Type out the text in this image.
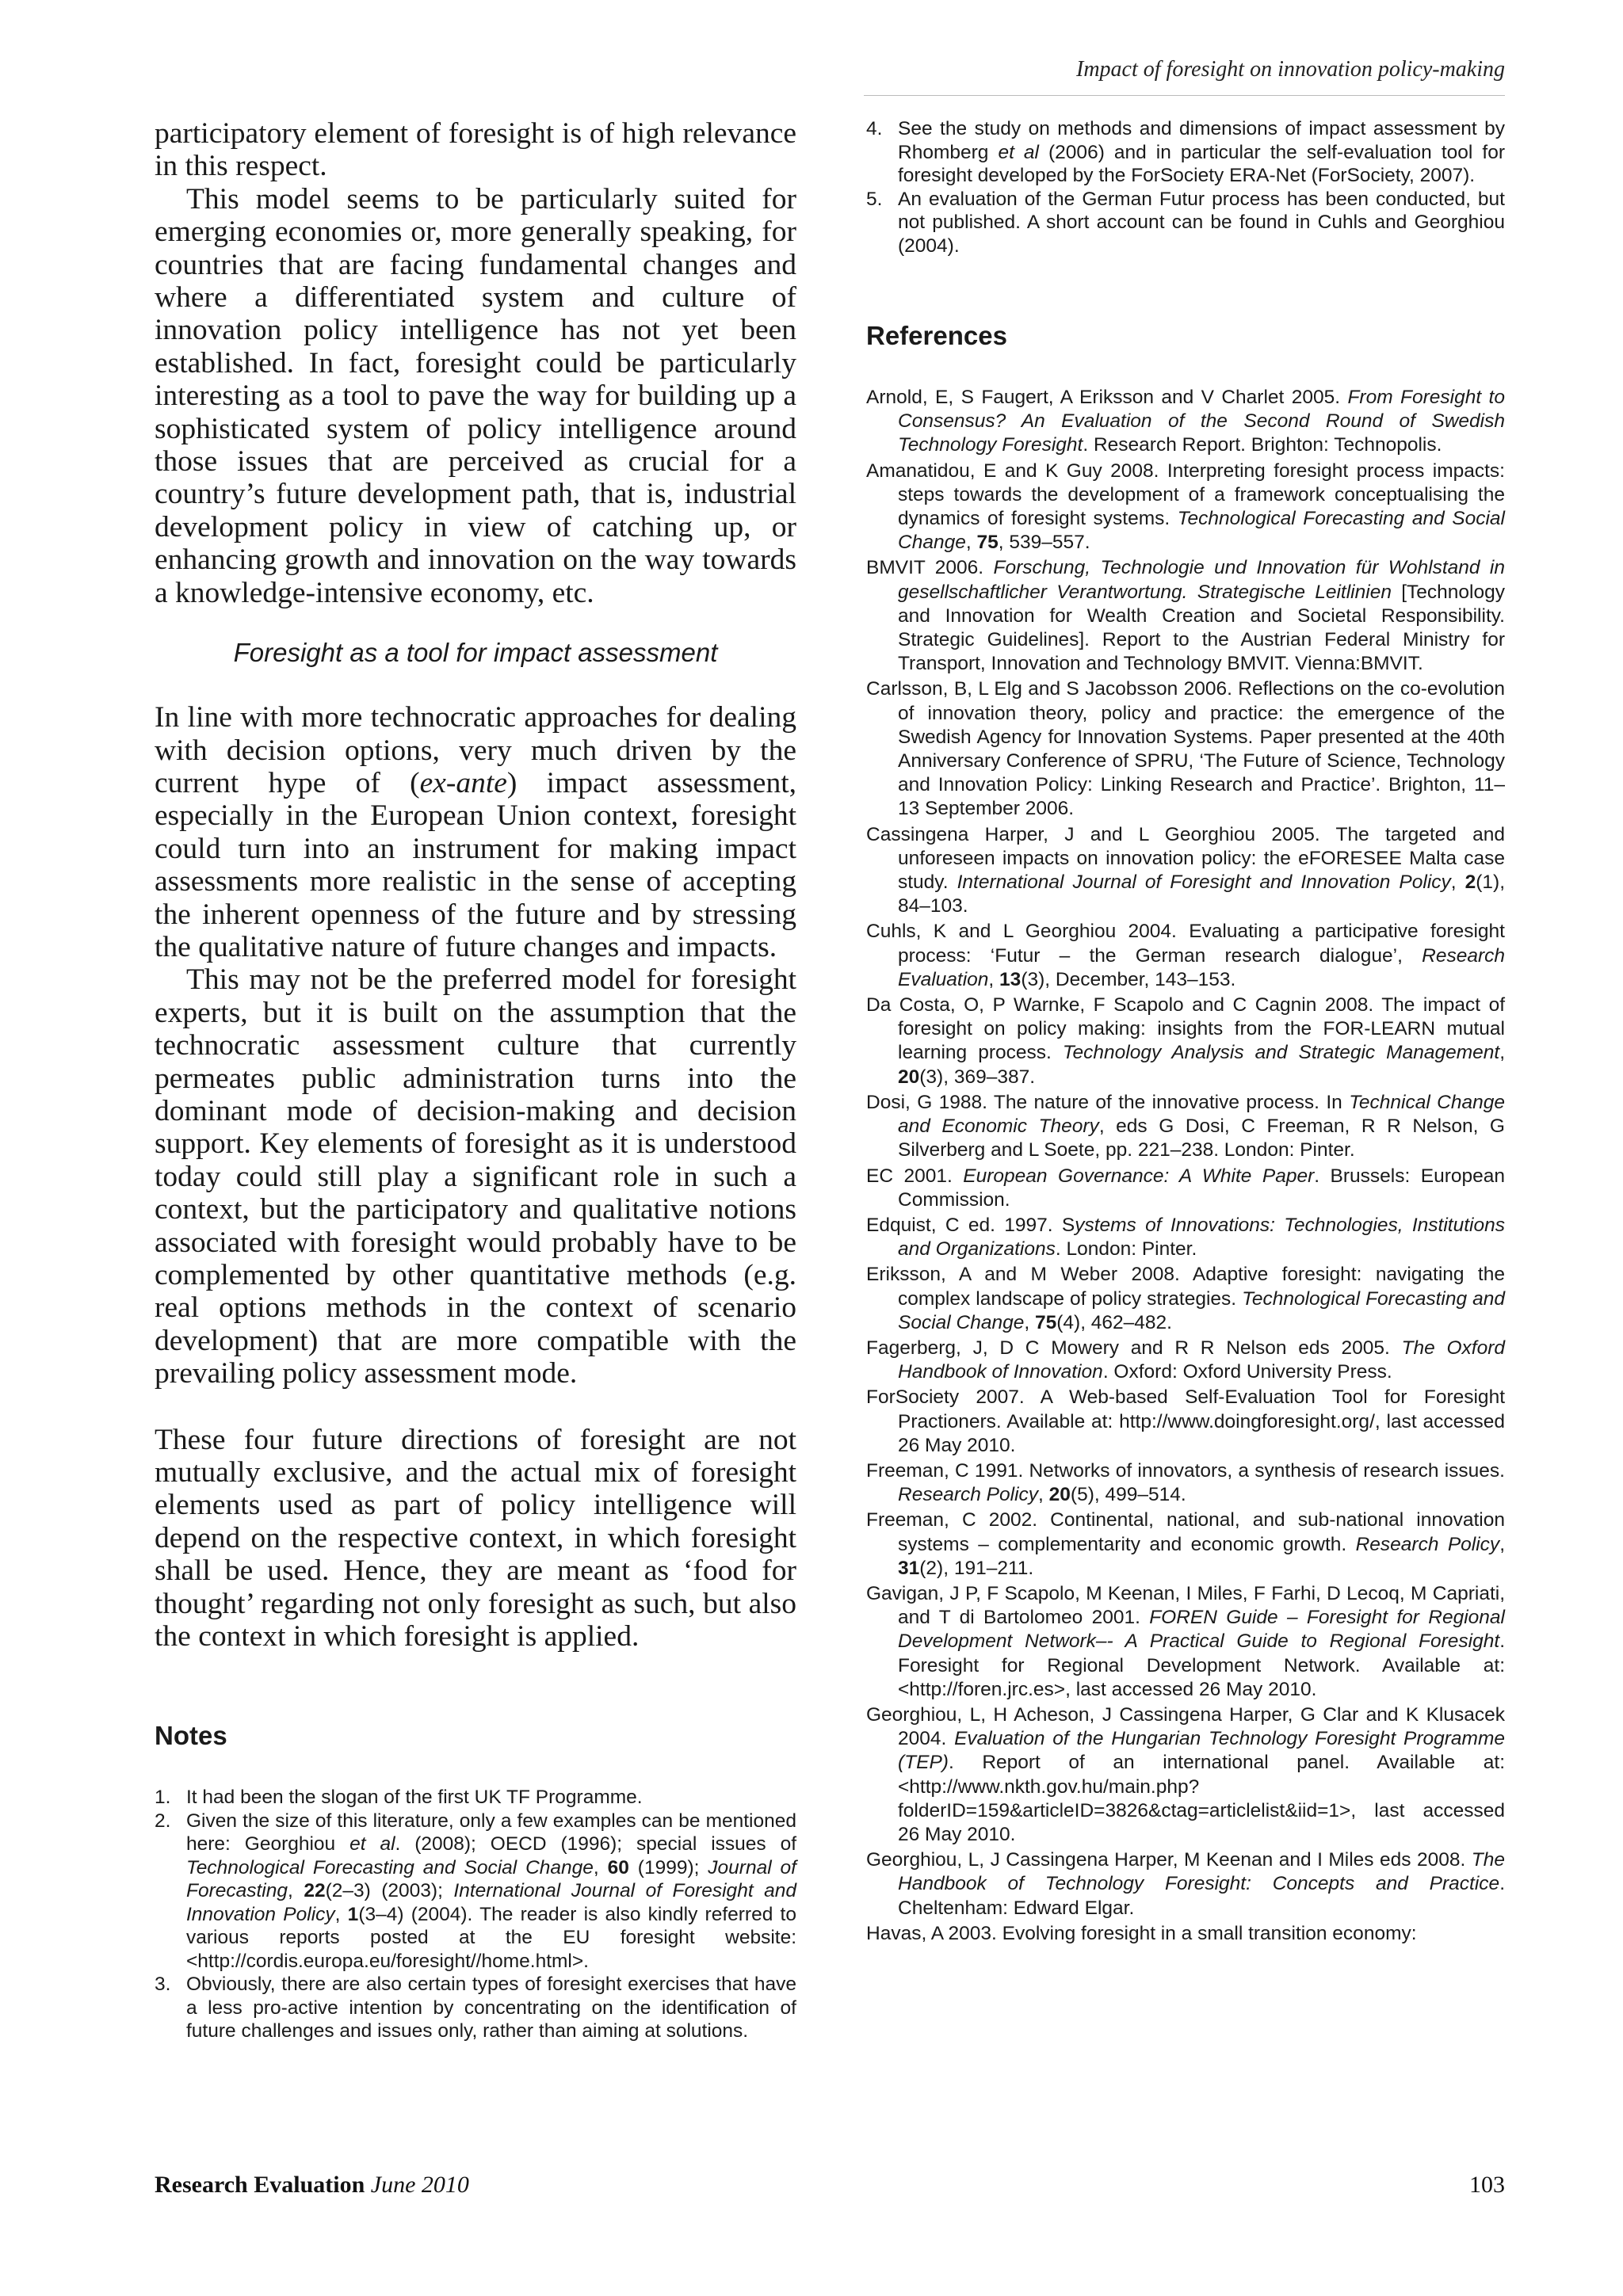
Impact of foresight on innovation policy-making

participatory element of foresight is of high relevance in this respect.

This model seems to be particularly suited for emerging economies or, more generally speaking, for countries that are facing fundamental changes and where a differentiated system and culture of innovation policy intelligence has not yet been established. In fact, foresight could be particularly interesting as a tool to pave the way for building up a sophisticated system of policy intelligence around those issues that are perceived as crucial for a country’s future development path, that is, industrial development policy in view of catching up, or enhancing growth and innovation on the way towards a knowledge-intensive economy, etc.

Foresight as a tool for impact assessment

In line with more technocratic approaches for dealing with decision options, very much driven by the current hype of (ex-ante) impact assessment, especially in the European Union context, foresight could turn into an instrument for making impact assessments more realistic in the sense of accepting the inherent openness of the future and by stressing the qualitative nature of future changes and impacts.

This may not be the preferred model for foresight experts, but it is built on the assumption that the technocratic assessment culture that currently permeates public administration turns into the dominant mode of decision-making and decision support. Key elements of foresight as it is understood today could still play a significant role in such a context, but the participatory and qualitative notions associated with foresight would probably have to be complemented by other quantitative methods (e.g. real options methods in the context of scenario development) that are more compatible with the prevailing policy assessment mode.

These four future directions of foresight are not mutually exclusive, and the actual mix of foresight elements used as part of policy intelligence will depend on the respective context, in which foresight shall be used. Hence, they are meant as ‘food for thought’ regarding not only foresight as such, but also the context in which foresight is applied.

Notes
1. It had been the slogan of the first UK TF Programme.
2. Given the size of this literature, only a few examples can be mentioned here: Georghiou et al. (2008); OECD (1996); special issues of Technological Forecasting and Social Change, 60 (1999); Journal of Forecasting, 22(2–3) (2003); International Journal of Foresight and Innovation Policy, 1(3–4) (2004). The reader is also kindly referred to various reports posted at the EU foresight website: <http://cordis.europa.eu/foresight//home.html>.
3. Obviously, there are also certain types of foresight exercises that have a less pro-active intention by concentrating on the identification of future challenges and issues only, rather than aiming at solutions.
4. See the study on methods and dimensions of impact assessment by Rhomberg et al (2006) and in particular the self-evaluation tool for foresight developed by the ForSociety ERA-Net (ForSociety, 2007).
5. An evaluation of the German Futur process has been conducted, but not published. A short account can be found in Cuhls and Georghiou (2004).
References
Arnold, E, S Faugert, A Eriksson and V Charlet 2005. From Foresight to Consensus? An Evaluation of the Second Round of Swedish Technology Foresight. Research Report. Brighton: Technopolis.
Amanatidou, E and K Guy 2008. Interpreting foresight process impacts: steps towards the development of a framework conceptualising the dynamics of foresight systems. Technological Forecasting and Social Change, 75, 539–557.
BMVIT 2006. Forschung, Technologie und Innovation für Wohlstand in gesellschaftlicher Verantwortung. Strategische Leitlinien [Technology and Innovation for Wealth Creation and Societal Responsibility. Strategic Guidelines]. Report to the Austrian Federal Ministry for Transport, Innovation and Technology BMVIT. Vienna:BMVIT.
Carlsson, B, L Elg and S Jacobsson 2006. Reflections on the co-evolution of innovation theory, policy and practice: the emergence of the Swedish Agency for Innovation Systems. Paper presented at the 40th Anniversary Conference of SPRU, ‘The Future of Science, Technology and Innovation Policy: Linking Research and Practice’. Brighton, 11–13 September 2006.
Cassingena Harper, J and L Georghiou 2005. The targeted and unforeseen impacts on innovation policy: the eFORESEE Malta case study. International Journal of Foresight and Innovation Policy, 2(1), 84–103.
Cuhls, K and L Georghiou 2004. Evaluating a participative foresight process: ‘Futur – the German research dialogue’, Research Evaluation, 13(3), December, 143–153.
Da Costa, O, P Warnke, F Scapolo and C Cagnin 2008. The impact of foresight on policy making: insights from the FOR-LEARN mutual learning process. Technology Analysis and Strategic Management, 20(3), 369–387.
Dosi, G 1988. The nature of the innovative process. In Technical Change and Economic Theory, eds G Dosi, C Freeman, R R Nelson, G Silverberg and L Soete, pp. 221–238. London: Pinter.
EC 2001. European Governance: A White Paper. Brussels: European Commission.
Edquist, C ed. 1997. Systems of Innovations: Technologies, Institutions and Organizations. London: Pinter.
Eriksson, A and M Weber 2008. Adaptive foresight: navigating the complex landscape of policy strategies. Technological Forecasting and Social Change, 75(4), 462–482.
Fagerberg, J, D C Mowery and R R Nelson eds 2005. The Oxford Handbook of Innovation. Oxford: Oxford University Press.
ForSociety 2007. A Web-based Self-Evaluation Tool for Foresight Practioners. Available at: http://www.doingforesight.org/, last accessed 26 May 2010.
Freeman, C 1991. Networks of innovators, a synthesis of research issues. Research Policy, 20(5), 499–514.
Freeman, C 2002. Continental, national, and sub-national innovation systems – complementarity and economic growth. Research Policy, 31(2), 191–211.
Gavigan, J P, F Scapolo, M Keenan, I Miles, F Farhi, D Lecoq, M Capriati, and T di Bartolomeo 2001. FOREN Guide – Foresight for Regional Development Network–- A Practical Guide to Regional Foresight. Foresight for Regional Development Network. Available at: <http://foren.jrc.es>, last accessed 26 May 2010.
Georghiou, L, H Acheson, J Cassingena Harper, G Clar and K Klusacek 2004. Evaluation of the Hungarian Technology Foresight Programme (TEP). Report of an international panel. Available at: <http://www.nkth.gov.hu/main.php?folderID=159&articleID=3826&ctag=articlelist&iid=1>, last accessed 26 May 2010.
Georghiou, L, J Cassingena Harper, M Keenan and I Miles eds 2008. The Handbook of Technology Foresight: Concepts and Practice. Cheltenham: Edward Elgar.
Havas, A 2003. Evolving foresight in a small transition economy:
Research Evaluation June 2010	103
